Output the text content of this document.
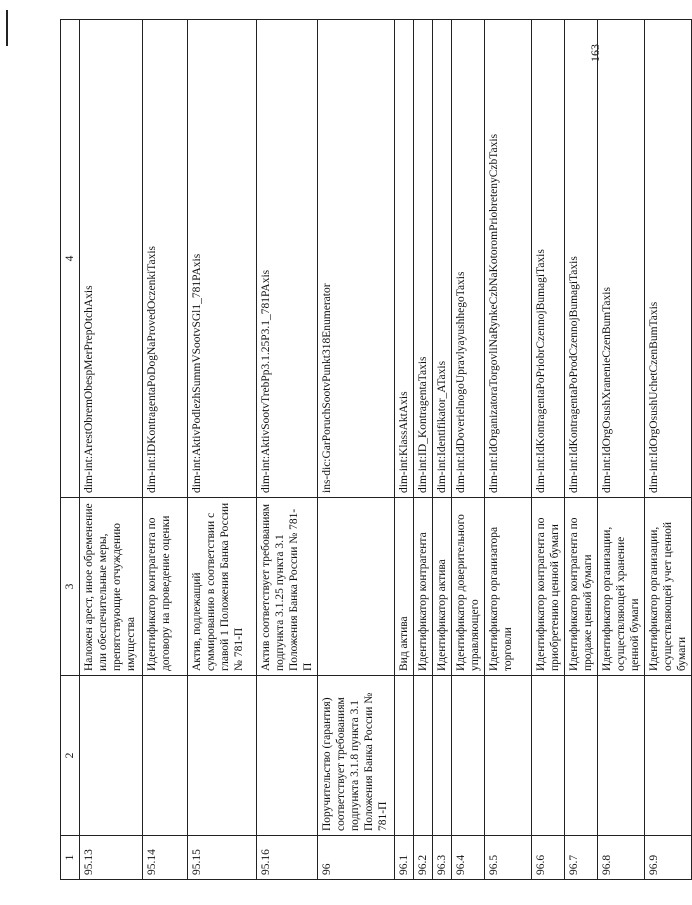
163
1	2	3	4
95.13		Наложен арест, иное обременение или обеспечительные меры, препятствующие отчуждению имущества	dim-int:ArestObremObespMerPrepOtchAxis
95.14		Идентификатор контрагента по договору на проведение оценки	dim-int:IDKontragentaPoDogNaProvedOczenkiTaxis
95.15		Актив, подлежащий суммированию в соответствии с главой 1 Положения Банка России № 781-П	dim-int:AktivPodlezhSummVSootvSGl1_781PAxis
95.16		Актив соответствует требованиям подпункта 3.1.25 пункта 3.1 Положения Банка России № 781-П	dim-int:AktivSootvTrebPp3.1.25P3.1_781PAxis
96	Поручительство (гарантия) соответствует требованиям подпункта 3.1.8 пункта 3.1 Положения Банка России № 781-П		ins-dic:GarPoruchSootvPunkt318Enumerator
96.1		Вид актива	dim-int:KlassAktAxis
96.2		Идентификатор контрагента	dim-int:ID_KontragentaTaxis
96.3		Идентификатор актива	dim-int:Identifikator_ATaxis
96.4		Идентификатор доверительного управляющего	dim-int:IdDoverielnogoUpravlyayushhegoTaxis
96.5		Идентификатор организатора торговли	dim-int:IdOrganizatoraTorgovliNaRynkeCzbNaKotoromPriobretenyCzbTaxis
96.6		Идентификатор контрагента по приобретению ценной бумаги	dim-int:IdKontragentaPoPriobrCzennojBumagiTaxis
96.7		Идентификатор контрагента по продаже ценной бумаги	dim-int:IdKontragentaPoProdCzennojBumagiTaxis
96.8		Идентификатор организации, осуществляющей хранение ценной бумаги	dim-int:IdOrgOsushXranenieCzenBumTaxis
96.9		Идентификатор организации, осуществляющей учет ценной бумаги	dim-int:IdOrgOsushUchetCzenBumTaxis
